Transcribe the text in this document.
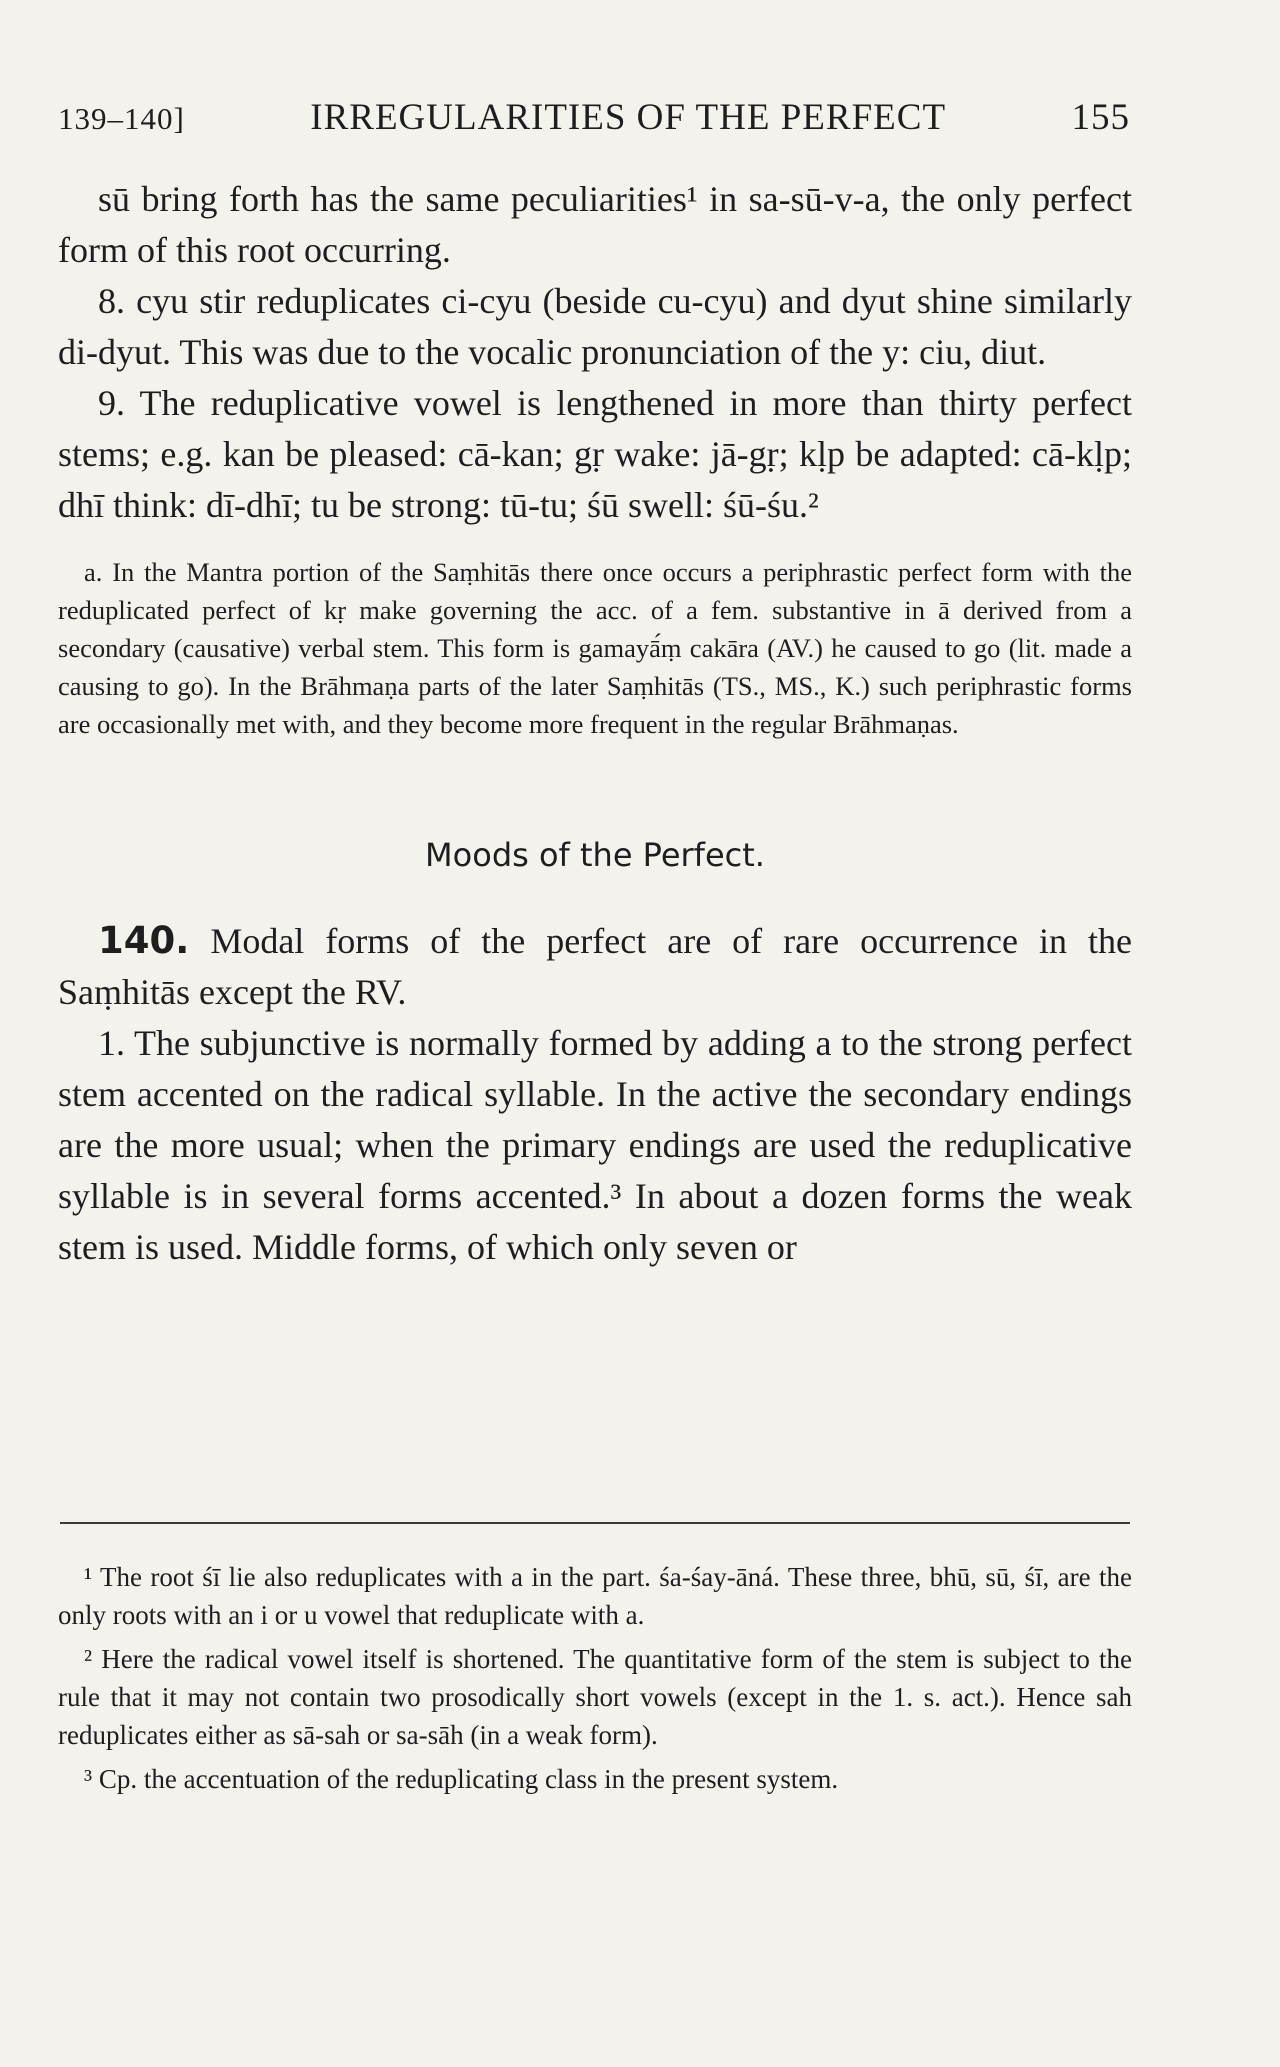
139–140]	IRREGULARITIES OF THE PERFECT	155

sū bring forth has the same peculiarities¹ in sa-sū-v-a, the only perfect form of this root occurring.

8. cyu stir reduplicates ci-cyu (beside cu-cyu) and dyut shine similarly di-dyut. This was due to the vocalic pronunciation of the y: ciu, diut.

9. The reduplicative vowel is lengthened in more than thirty perfect stems; e.g. kan be pleased: cā-kan; gṛ wake: jā-gṛ; kḷp be adapted: cā-kḷp; dhī think: dī-dhī; tu be strong: tū-tu; śū swell: śū-śu.²

a. In the Mantra portion of the Saṃhitās there once occurs a periphrastic perfect form with the reduplicated perfect of kṛ make governing the acc. of a fem. substantive in ā derived from a secondary (causative) verbal stem. This form is gamayā́ṃ cakāra (AV.) he caused to go (lit. made a causing to go). In the Brāhmaṇa parts of the later Saṃhitās (TS., MS., K.) such periphrastic forms are occasionally met with, and they become more frequent in the regular Brāhmaṇas.

Moods of the Perfect.

140. Modal forms of the perfect are of rare occurrence in the Saṃhitās except the RV.

1. The subjunctive is normally formed by adding a to the strong perfect stem accented on the radical syllable. In the active the secondary endings are the more usual; when the primary endings are used the reduplicative syllable is in several forms accented.³ In about a dozen forms the weak stem is used. Middle forms, of which only seven or

¹ The root śī lie also reduplicates with a in the part. śa-śay-āná. These three, bhū, sū, śī, are the only roots with an i or u vowel that reduplicate with a.

² Here the radical vowel itself is shortened. The quantitative form of the stem is subject to the rule that it may not contain two prosodically short vowels (except in the 1. s. act.). Hence sah reduplicates either as sā-sah or sa-sāh (in a weak form).

³ Cp. the accentuation of the reduplicating class in the present system.
